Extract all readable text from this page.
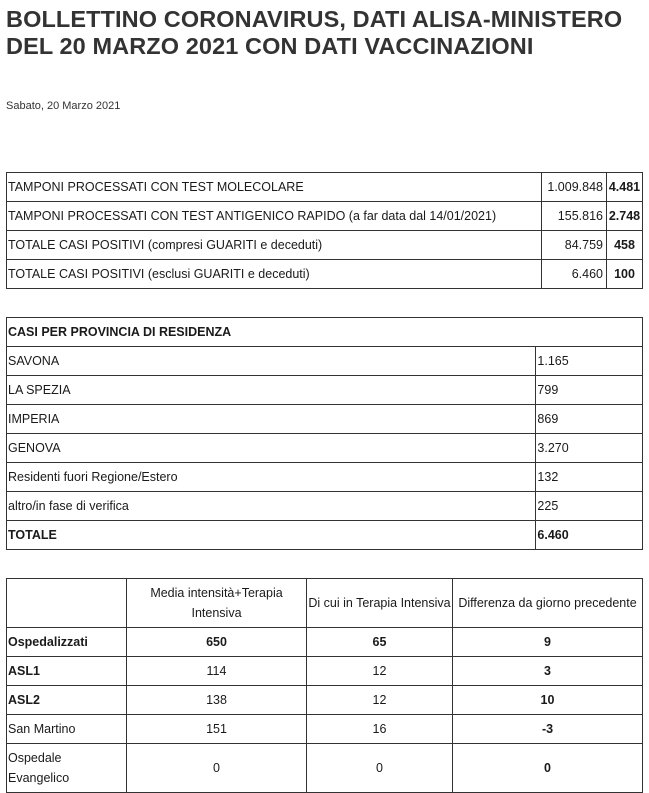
BOLLETTINO CORONAVIRUS, DATI ALISA-MINISTERO DEL 20 MARZO 2021 CON DATI VACCINAZIONI
Sabato, 20 Marzo 2021
TAMPONI PROCESSATI CON TEST MOLECOLARE	1.009.848	4.481
TAMPONI PROCESSATI CON TEST ANTIGENICO RAPIDO (a far data dal 14/01/2021)	155.816	2.748
TOTALE CASI POSITIVI (compresi GUARITI e deceduti)	84.759	458
TOTALE CASI POSITIVI (esclusi GUARITI e deceduti)	6.460	100
CASI PER PROVINCIA DI RESIDENZA	
SAVONA	1.165
LA SPEZIA	799
IMPERIA	869
GENOVA	3.270
Residenti fuori Regione/Estero	132
altro/in fase di verifica	225
TOTALE	6.460
	Media intensità+Terapia Intensiva	Di cui in Terapia Intensiva	Differenza da giorno precedente
Ospedalizzati	650	65	9
ASL1	114	12	3
ASL2	138	12	10
San Martino	151	16	-3
Ospedale Evangelico	0	0	0
